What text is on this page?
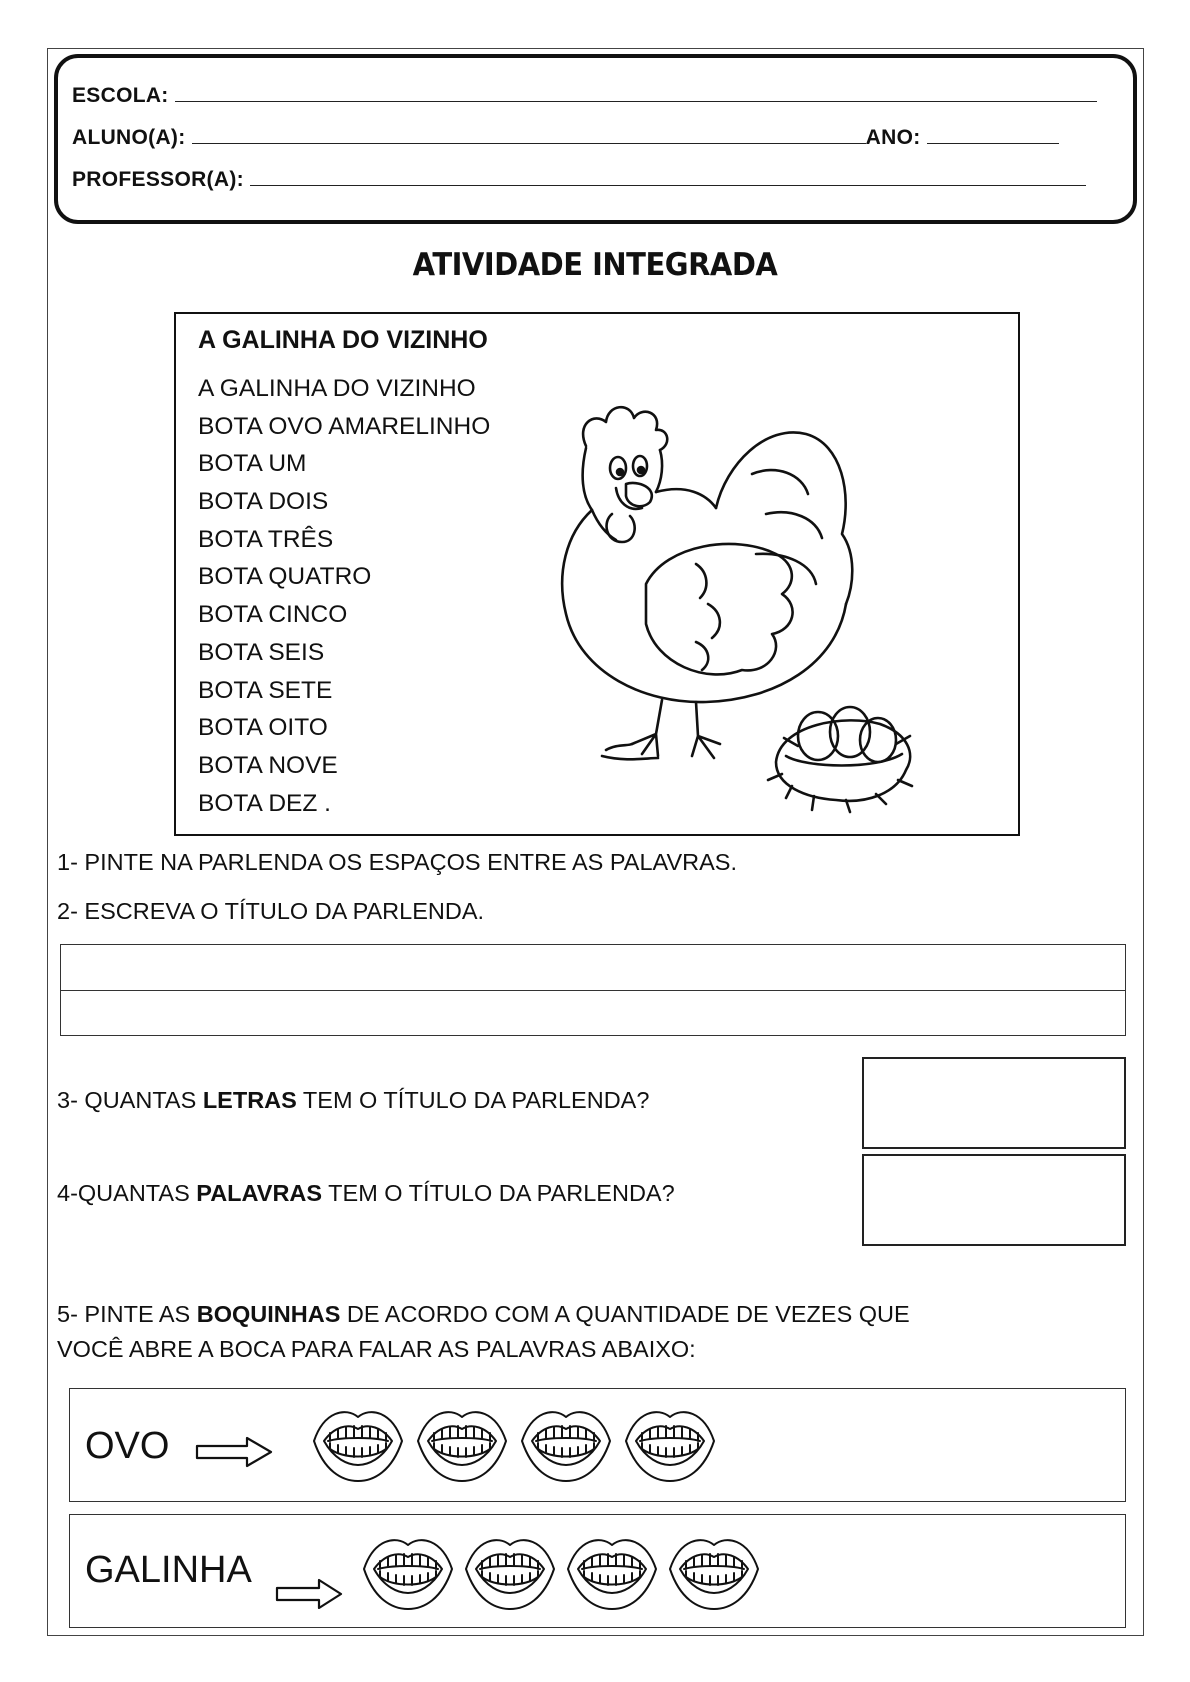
ESCOLA:
ALUNO(A):	ANO:
PROFESSOR(A):
ATIVIDADE INTEGRADA
A GALINHA DO VIZINHO
A GALINHA DO VIZINHO
BOTA OVO AMARELINHO
BOTA UM
BOTA DOIS
BOTA TRÊS
BOTA QUATRO
BOTA CINCO
BOTA SEIS
BOTA SETE
BOTA OITO
BOTA NOVE
BOTA DEZ .
1- PINTE NA PARLENDA OS ESPAÇOS ENTRE AS PALAVRAS.
2- ESCREVA O TÍTULO DA PARLENDA.
3- QUANTAS LETRAS TEM O TÍTULO DA PARLENDA?
4-QUANTAS PALAVRAS TEM O TÍTULO DA PARLENDA?
5- PINTE AS BOQUINHAS DE ACORDO COM A QUANTIDADE DE VEZES QUE
VOCÊ ABRE A BOCA PARA FALAR AS PALAVRAS ABAIXO:
OVO
GALINHA
